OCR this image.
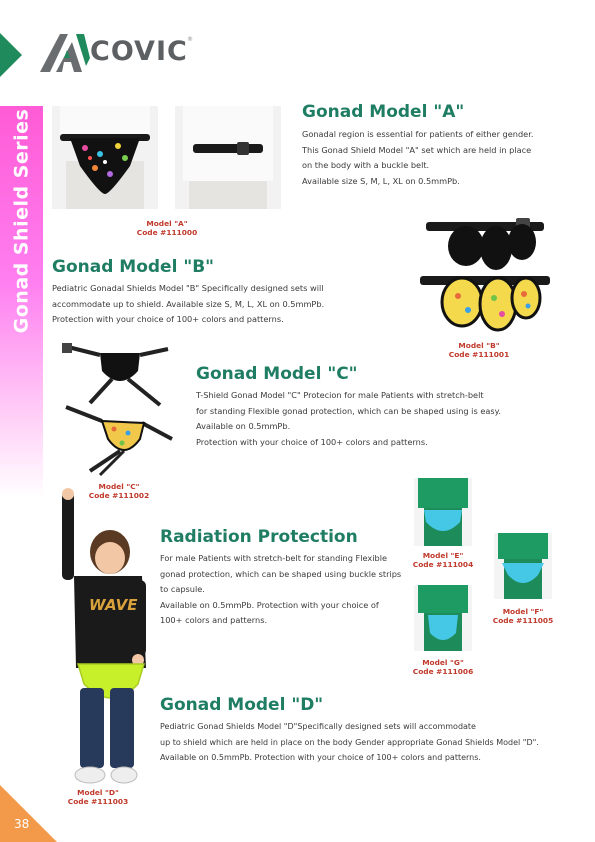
COVIC ®
Gonad Shield Series	Model "A"
Code #111000
Gonad Model "A"

Gonadal region is essential for patients of either gender.

This Gonad Shield Model "A" set which are held in place

on the body with a buckle belt.

Available size S, M, L, XL on 0.5mmPb.

Model "B"
Code #111001
Gonad Model "B"

Pediatric Gonadal Shields Model "B" Specifically designed sets will

accommodate up to shield. Available size S, M, L, XL on 0.5mmPb.

Protection with your choice of 100+ colors and patterns.

Model "C"
Code #111002
Gonad Model "C"

T-Shield Gonad Model "C" Protecion for male Patients with stretch-belt

for standing Flexible gonad protection, which can be shaped using is easy.

Available on 0.5mmPb.

Protection with your choice of 100+ colors and patterns.

WAVE
Model "D"
Code #111003
Radiation Protection

For male Patients with stretch-belt for standing Flexible

gonad protection, which can be shaped using buckle strips

to capsule.

Available on 0.5mmPb. Protection with your choice of

100+ colors and patterns.

Model "E"
Code #111004
Model "F"
Code #111005
Model "G"
Code #111006
Gonad Model "D"

Pediatric Gonad Shields Model "D"Specifically designed sets will accommodate

up to shield which are held in place on the body Gender appropriate Gonad Shields Model "D".

Available on 0.5mmPb. Protection with your choice of 100+ colors and patterns.

38
